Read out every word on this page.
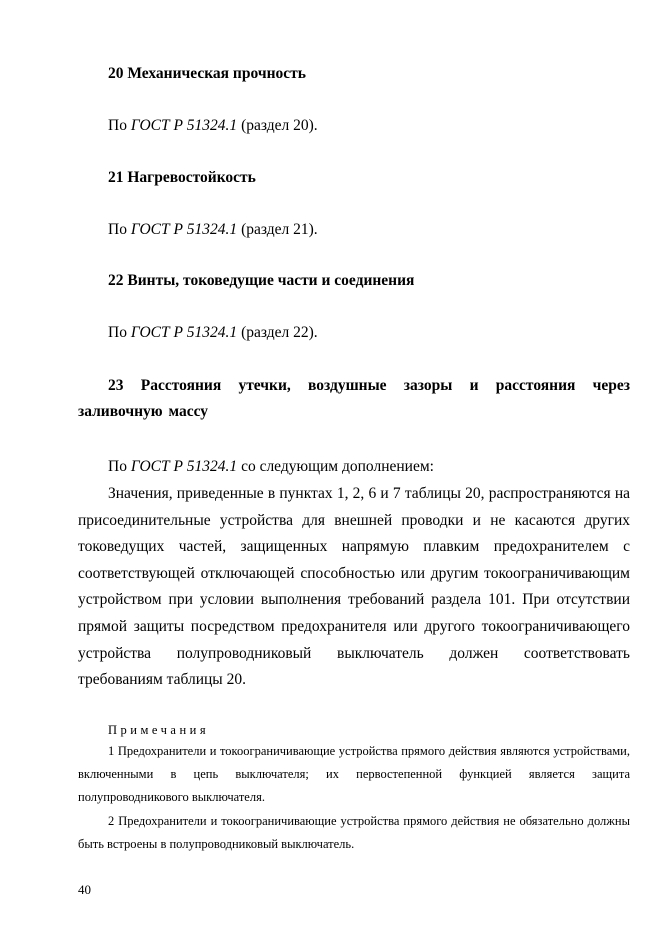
20 Механическая прочность

По ГОСТ Р 51324.1 (раздел 20).

21 Нагревостойкость

По ГОСТ Р 51324.1 (раздел 21).

22 Винты, токоведущие части и соединения

По ГОСТ Р 51324.1 (раздел 22).

23 Расстояния утечки, воздушные зазоры и расстояния через заливочную массу

По ГОСТ Р 51324.1 со следующим дополнением:

Значения, приведенные в пунктах 1, 2, 6 и 7 таблицы 20, распространяются на присоединительные устройства для внешней проводки и не касаются других токоведущих частей, защищенных напрямую плавким предохранителем с соответствующей отключающей способностью или другим токоограничивающим устройством при условии выполнения требований раздела 101. При отсутствии прямой защиты посредством предохранителя или другого токоограничивающего устройства полупроводниковый выключатель должен соответствовать требованиям таблицы 20.

Примечания

1 Предохранители и токоограничивающие устройства прямого действия являются устройствами, включенными в цепь выключателя; их первостепенной функцией является защита полупроводникового выключателя.

2 Предохранители и токоограничивающие устройства прямого действия не обязательно должны быть встроены в полупроводниковый выключатель.

40
